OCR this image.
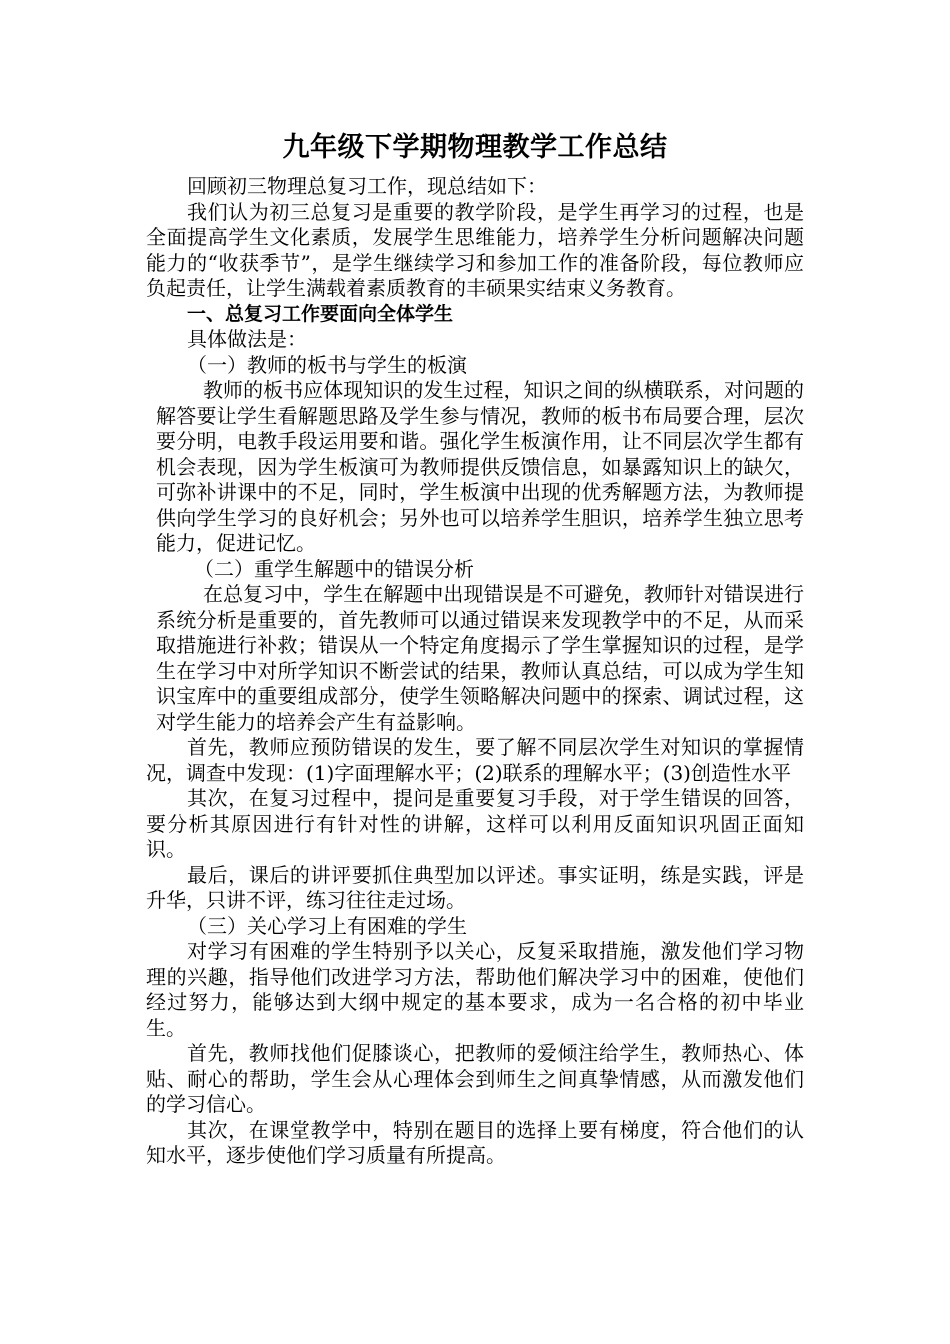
九年级下学期物理教学工作总结

回顾初三物理总复习工作，现总结如下：

我们认为初三总复习是重要的教学阶段，是学生再学习的过程，也是全面提高学生文化素质，发展学生思维能力，培养学生分析问题解决问题能力的“收获季节”，是学生继续学习和参加工作的准备阶段，每位教师应负起责任，让学生满载着素质教育的丰硕果实结束义务教育。

一、总复习工作要面向全体学生

具体做法是：

（一）教师的板书与学生的板演

教师的板书应体现知识的发生过程，知识之间的纵横联系，对问题的解答要让学生看解题思路及学生参与情况，教师的板书布局要合理，层次要分明，电教手段运用要和谐。强化学生板演作用，让不同层次学生都有机会表现，因为学生板演可为教师提供反馈信息，如暴露知识上的缺欠，可弥补讲课中的不足，同时，学生板演中出现的优秀解题方法，为教师提供向学生学习的良好机会；另外也可以培养学生胆识，培养学生独立思考能力，促进记忆。

（二）重学生解题中的错误分析

在总复习中，学生在解题中出现错误是不可避免，教师针对错误进行系统分析是重要的，首先教师可以通过错误来发现教学中的不足，从而采取措施进行补救；错误从一个特定角度揭示了学生掌握知识的过程，是学生在学习中对所学知识不断尝试的结果，教师认真总结，可以成为学生知识宝库中的重要组成部分，使学生领略解决问题中的探索、调试过程，这对学生能力的培养会产生有益影响。

首先，教师应预防错误的发生，要了解不同层次学生对知识的掌握情况，调查中发现：(1)字面理解水平；(2)联系的理解水平；(3)创造性水平

其次，在复习过程中，提问是重要复习手段，对于学生错误的回答，要分析其原因进行有针对性的讲解，这样可以利用反面知识巩固正面知识。

最后，课后的讲评要抓住典型加以评述。事实证明，练是实践，评是升华，只讲不评，练习往往走过场。

（三）关心学习上有困难的学生

对学习有困难的学生特别予以关心，反复采取措施，激发他们学习物理的兴趣，指导他们改进学习方法，帮助他们解决学习中的困难，使他们经过努力，能够达到大纲中规定的基本要求，成为一名合格的初中毕业生。

首先，教师找他们促膝谈心，把教师的爱倾注给学生，教师热心、体贴、耐心的帮助，学生会从心理体会到师生之间真挚情感，从而激发他们的学习信心。

其次，在课堂教学中，特别在题目的选择上要有梯度，符合他们的认知水平，逐步使他们学习质量有所提高。
